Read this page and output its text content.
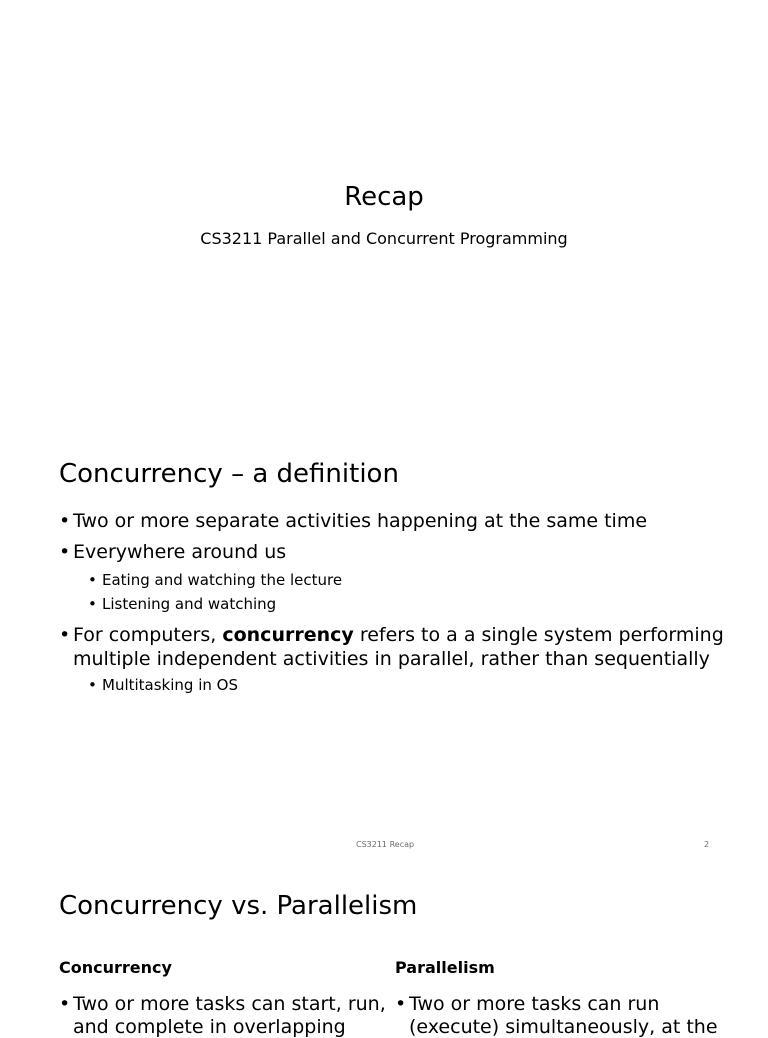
Recap
CS3211 Parallel and Concurrent Programming
Concurrency – a definition
• Two or more separate activities happening at the same time
• Everywhere around us
• Eating and watching the lecture
• Listening and watching
• For computers, concurrency refers to a a single system performing
multiple independent activities in parallel, rather than sequentially
• Multitasking in OS
CS3211 Recap	2
Concurrency vs. Parallelism
Concurrency	Parallelism
• Two or more tasks can start, run, • Two or more tasks can run
and complete in overlapping	(execute) simultaneously, at the
